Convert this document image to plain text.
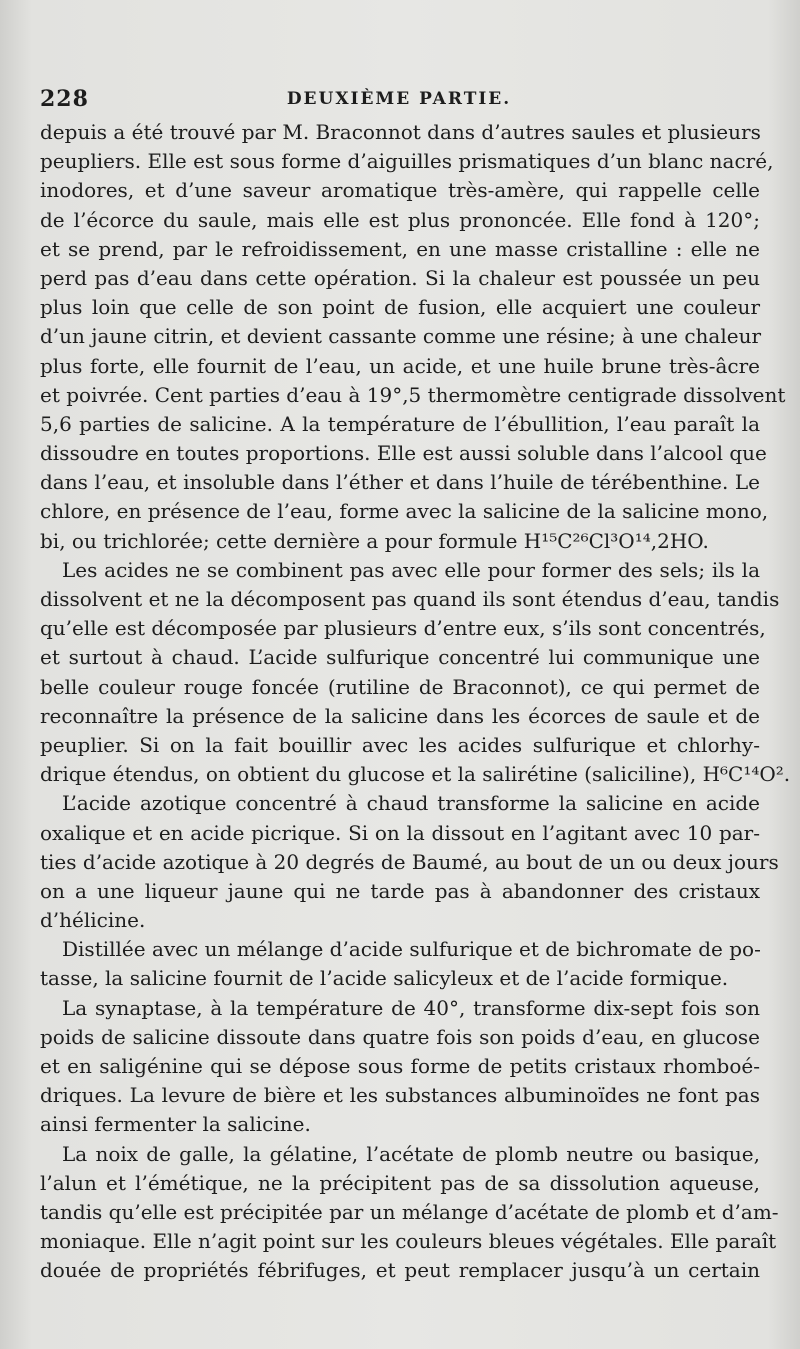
228	DEUXIÈME PARTIE.
depuis a été trouvé par M. Braconnot dans d’autres saules et plusieurs
peupliers. Elle est sous forme d’aiguilles prismatiques d’un blanc nacré,
inodores, et d’une saveur aromatique très-amère, qui rappelle celle
de l’écorce du saule, mais elle est plus prononcée. Elle fond à 120°;
et se prend, par le refroidissement, en une masse cristalline : elle ne
perd pas d’eau dans cette opération. Si la chaleur est poussée un peu
plus loin que celle de son point de fusion, elle acquiert une couleur
d’un jaune citrin, et devient cassante comme une résine; à une chaleur
plus forte, elle fournit de l’eau, un acide, et une huile brune très-âcre
et poivrée. Cent parties d’eau à 19°,5 thermomètre centigrade dissolvent
5,6 parties de salicine. A la température de l’ébullition, l’eau paraît la
dissoudre en toutes proportions. Elle est aussi soluble dans l’alcool que
dans l’eau, et insoluble dans l’éther et dans l’huile de térébenthine. Le
chlore, en présence de l’eau, forme avec la salicine de la salicine mono,
bi, ou trichlorée; cette dernière a pour formule H¹⁵C²⁶Cl³O¹⁴,2HO.
Les acides ne se combinent pas avec elle pour former des sels; ils la
dissolvent et ne la décomposent pas quand ils sont étendus d’eau, tandis
qu’elle est décomposée par plusieurs d’entre eux, s’ils sont concentrés,
et surtout à chaud. L’acide sulfurique concentré lui communique une
belle couleur rouge foncée (rutiline de Braconnot), ce qui permet de
reconnaître la présence de la salicine dans les écorces de saule et de
peuplier. Si on la fait bouillir avec les acides sulfurique et chlorhy-
drique étendus, on obtient du glucose et la salirétine (saliciline), H⁶C¹⁴O².
L’acide azotique concentré à chaud transforme la salicine en acide
oxalique et en acide picrique. Si on la dissout en l’agitant avec 10 par-
ties d’acide azotique à 20 degrés de Baumé, au bout de un ou deux jours
on a une liqueur jaune qui ne tarde pas à abandonner des cristaux
d’hélicine.
Distillée avec un mélange d’acide sulfurique et de bichromate de po-
tasse, la salicine fournit de l’acide salicyleux et de l’acide formique.
La synaptase, à la température de 40°, transforme dix-sept fois son
poids de salicine dissoute dans quatre fois son poids d’eau, en glucose
et en saligénine qui se dépose sous forme de petits cristaux rhomboé-
driques. La levure de bière et les substances albuminoïdes ne font pas
ainsi fermenter la salicine.
La noix de galle, la gélatine, l’acétate de plomb neutre ou basique,
l’alun et l’émétique, ne la précipitent pas de sa dissolution aqueuse,
tandis qu’elle est précipitée par un mélange d’acétate de plomb et d’am-
moniaque. Elle n’agit point sur les couleurs bleues végétales. Elle paraît
douée de propriétés fébrifuges, et peut remplacer jusqu’à un certain
